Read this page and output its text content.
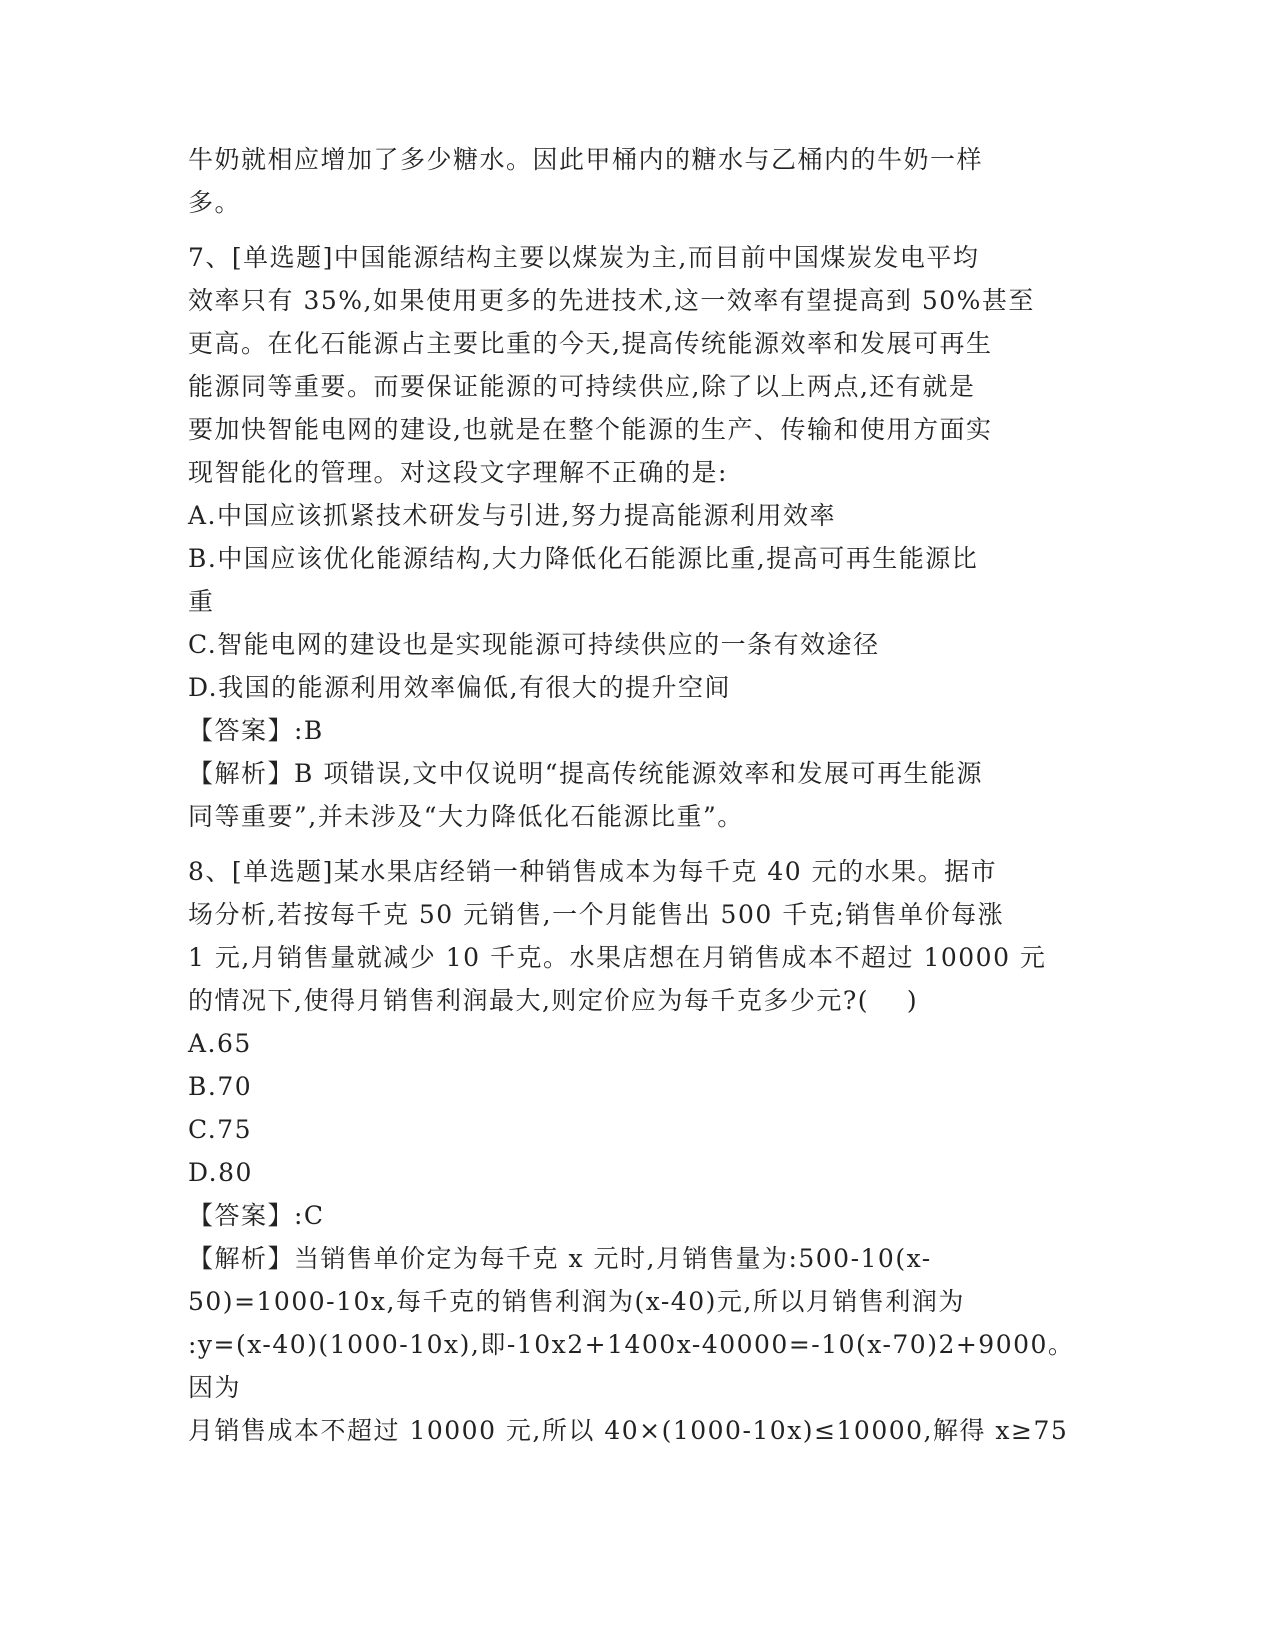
牛奶就相应增加了多少糖水。因此甲桶内的糖水与乙桶内的牛奶一样

多。

7、[单选题]中国能源结构主要以煤炭为主,而目前中国煤炭发电平均

效率只有 35%,如果使用更多的先进技术,这一效率有望提高到 50%甚至

更高。在化石能源占主要比重的今天,提高传统能源效率和发展可再生

能源同等重要。而要保证能源的可持续供应,除了以上两点,还有就是

要加快智能电网的建设,也就是在整个能源的生产、传输和使用方面实

现智能化的管理。对这段文字理解不正确的是:

A.中国应该抓紧技术研发与引进,努力提高能源利用效率

B.中国应该优化能源结构,大力降低化石能源比重,提高可再生能源比

重

C.智能电网的建设也是实现能源可持续供应的一条有效途径

D.我国的能源利用效率偏低,有很大的提升空间

【答案】:B

【解析】B 项错误,文中仅说明“提高传统能源效率和发展可再生能源

同等重要”,并未涉及“大力降低化石能源比重”。

8、[单选题]某水果店经销一种销售成本为每千克 40 元的水果。据市

场分析,若按每千克 50 元销售,一个月能售出 500 千克;销售单价每涨

1 元,月销售量就减少 10 千克。水果店想在月销售成本不超过 10000 元

的情况下,使得月销售利润最大,则定价应为每千克多少元?(    )

A.65

B.70

C.75

D.80

【答案】:C

【解析】当销售单价定为每千克 x 元时,月销售量为:500-10(x-

50)=1000-10x,每千克的销售利润为(x-40)元,所以月销售利润为

:y=(x-40)(1000-10x),即-10x2+1400x-40000=-10(x-70)2+9000。因为

月销售成本不超过 10000 元,所以 40×(1000-10x)≤10000,解得 x≥75
